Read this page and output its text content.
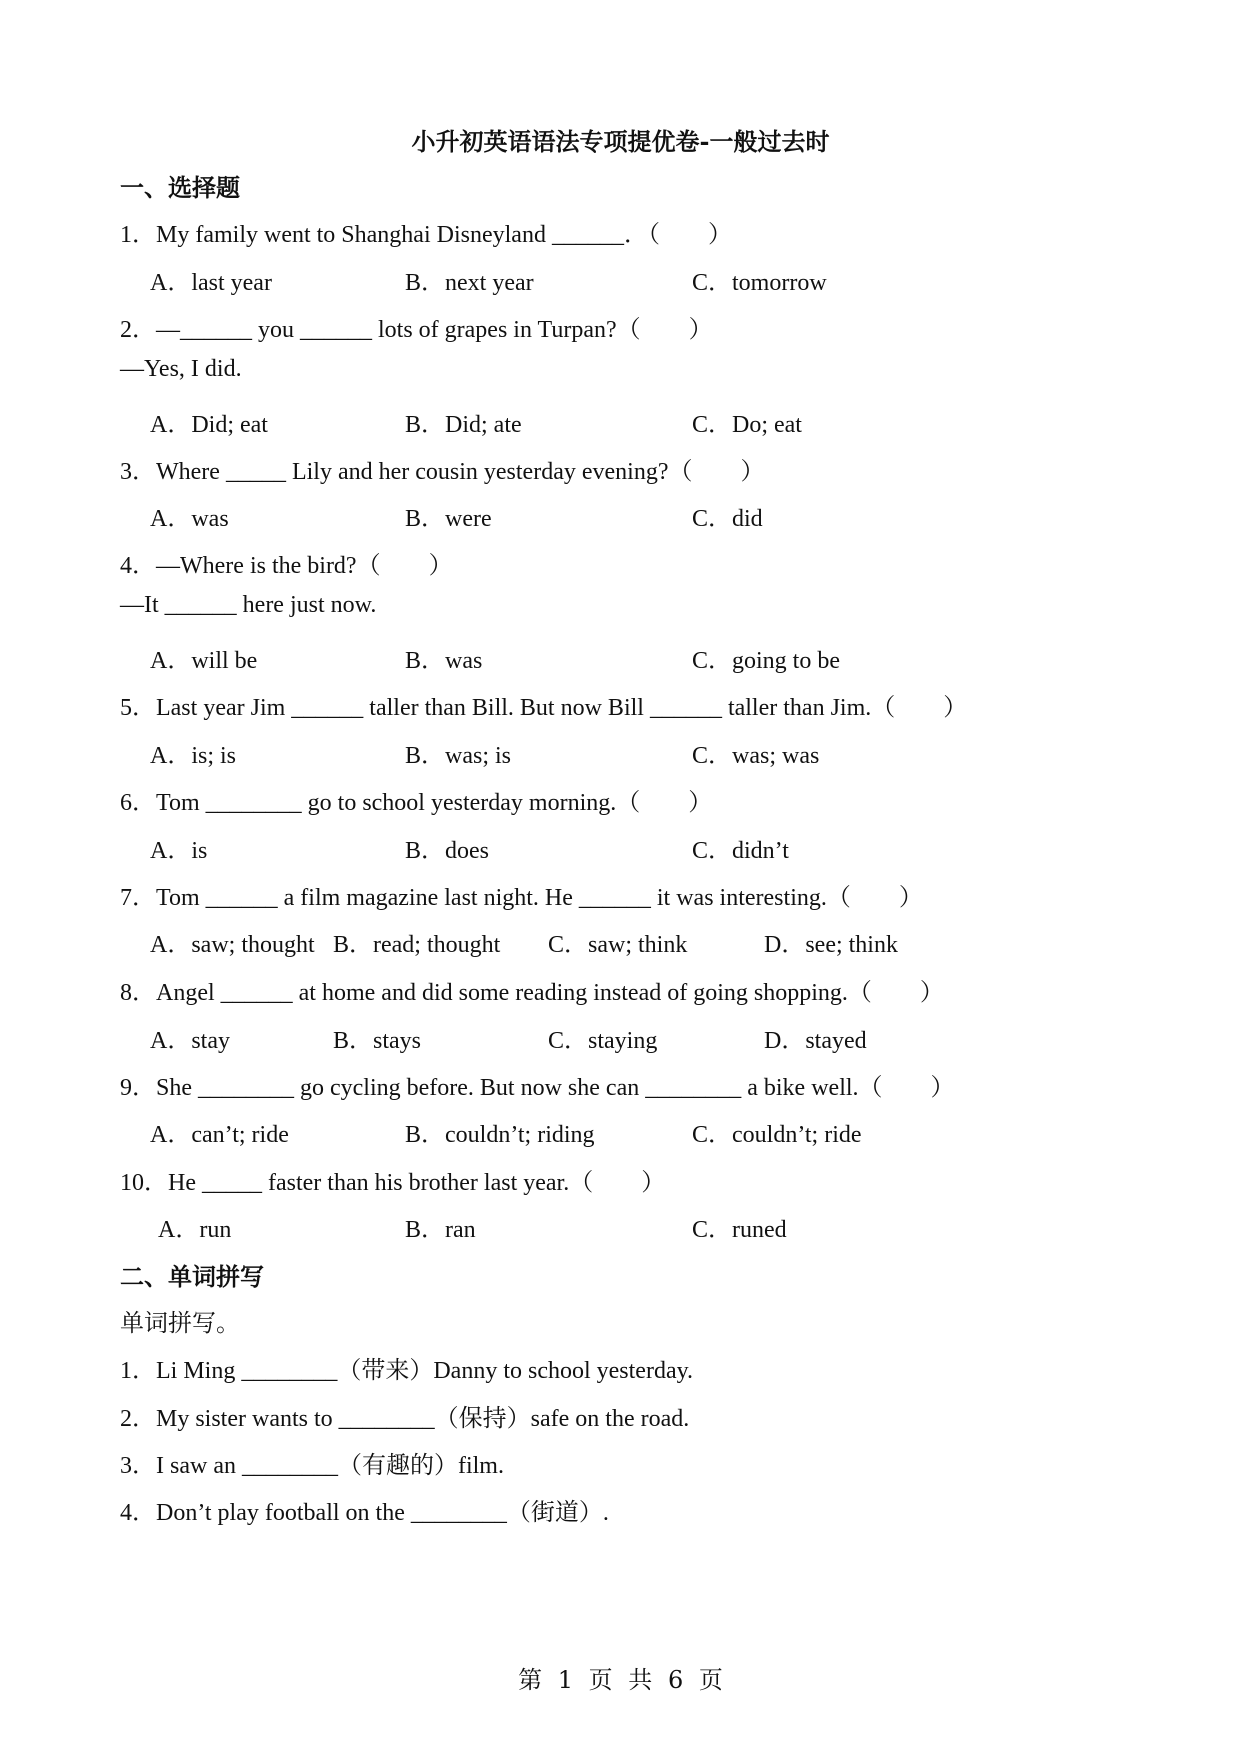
小升初英语语法专项提优卷-一般过去时
一、选择题
1．My family went to Shanghai Disneyland ______．（　　）
A．last year	B．next year	C．tomorrow
2．—______ you ______ lots of grapes in Turpan?（　　）
—Yes, I did.
A．Did; eat	B．Did; ate	C．Do; eat
3．Where _____ Lily and her cousin yesterday evening?（　　）
A．was	B．were	C．did
4．—Where is the bird?（　　）
—It ______ here just now.
A．will be	B．was	C．going to be
5．Last year Jim ______ taller than Bill. But now Bill ______ taller than Jim.（　　）
A．is; is	B．was; is	C．was; was
6．Tom ________ go to school yesterday morning.（　　）
A．is	B．does	C．didn’t
7．Tom ______ a film magazine last night. He ______ it was interesting.（　　）
A．saw; thought B．read; thought C．saw; think	D．see; think
8．Angel ______ at home and did some reading instead of going shopping.（　　）
A．stay	B．stays	C．staying	D．stayed
9．She ________ go cycling before. But now she can ________ a bike well.（　　）
A．can’t; ride	B．couldn’t; riding	C．couldn’t; ride
10．He _____ faster than his brother last year.（　　）
A．run	B．ran	C．runed
二、单词拼写
单词拼写。
1．Li Ming ________（带来）Danny to school yesterday.
2．My sister wants to ________（保持）safe on the road.
3．I saw an ________（有趣的）film.
4．Don’t play football on the ________（街道）.
第 1 页 共 6 页
